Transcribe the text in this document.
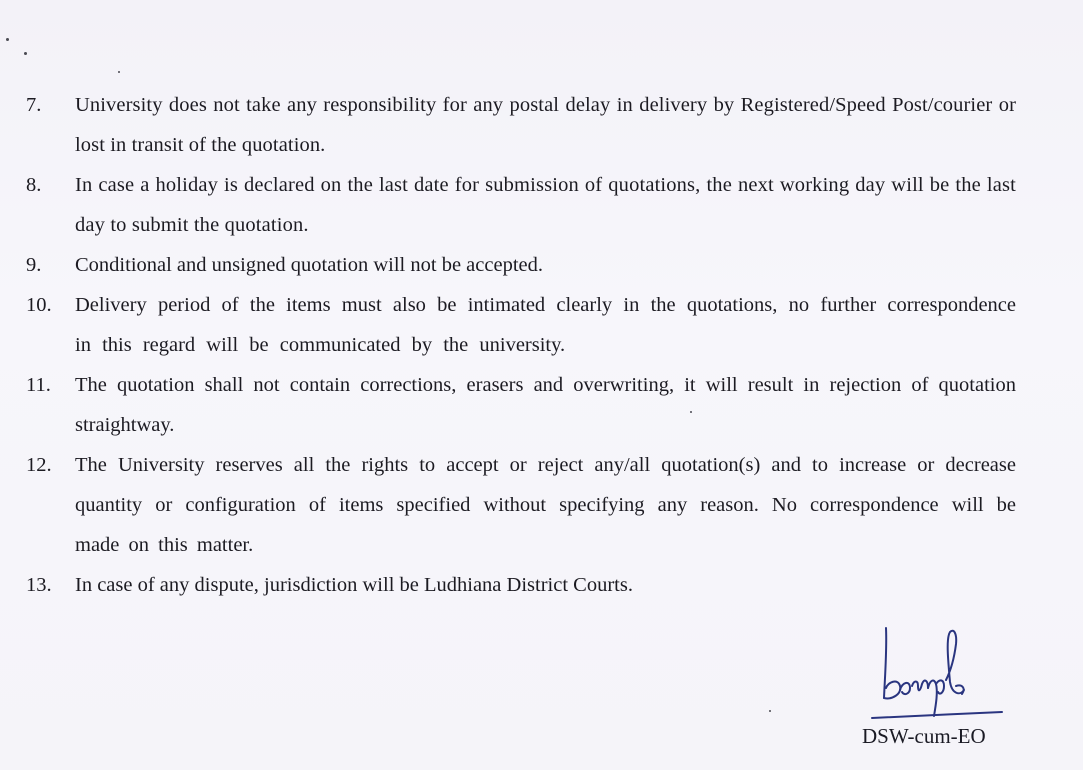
7.	University does not take any responsibility for any postal delay in delivery by Registered/Speed Post/courier or lost in transit of the quotation.
8.	In case a holiday is declared on the last date for submission of quotations, the next working day will be the last day to submit the quotation.
9.	Conditional and unsigned quotation will not be accepted.
10.	Delivery period of the items must also be intimated clearly in the quotations, no further correspondence in this regard will be communicated by the university.
11.	The quotation shall not contain corrections, erasers and overwriting, it will result in rejection of quotation straightway.
12.	The University reserves all the rights to accept or reject any/all quotation(s) and to increase or decrease quantity or configuration of items specified without specifying any reason. No correspondence will be made on this matter.
13.	In case of any dispute, jurisdiction will be Ludhiana District Courts.
DSW-cum-EO
